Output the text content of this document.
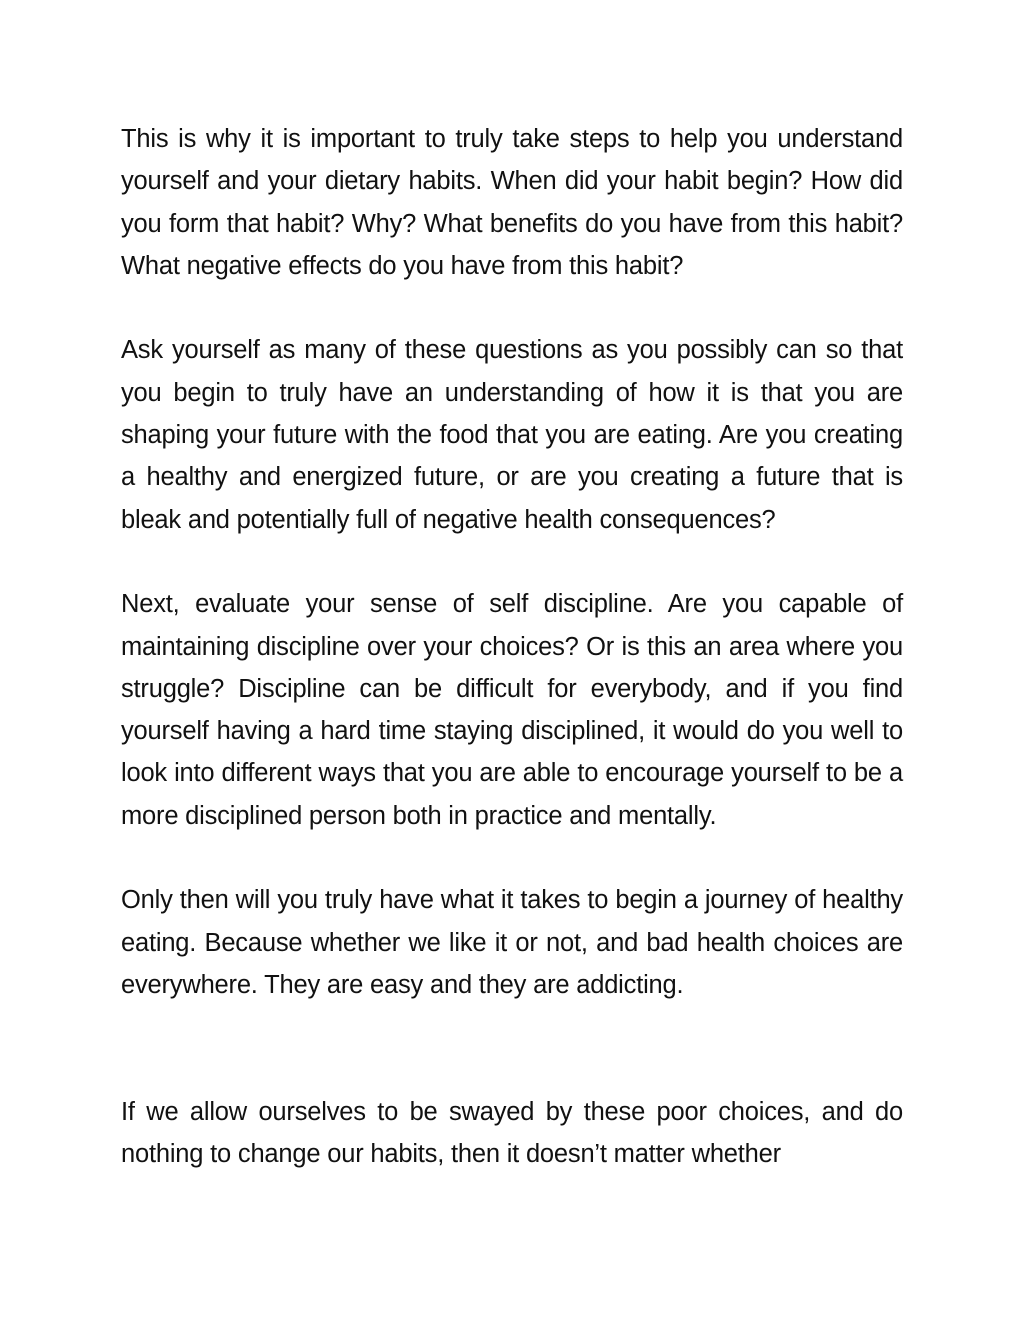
This is why it is important to truly take steps to help you understand yourself and your dietary habits. When did your habit begin? How did you form that habit? Why? What benefits do you have from this habit? What negative effects do you have from this habit?

Ask yourself as many of these questions as you possibly can so that you begin to truly have an understanding of how it is that you are shaping your future with the food that you are eating. Are you creating a healthy and energized future, or are you creating a future that is bleak and potentially full of negative health consequences?

Next, evaluate your sense of self discipline. Are you capable of maintaining discipline over your choices? Or is this an area where you struggle? Discipline can be difficult for everybody, and if you find yourself having a hard time staying disciplined, it would do you well to look into different ways that you are able to encourage yourself to be a more disciplined person both in practice and mentally.

Only then will you truly have what it takes to begin a journey of healthy eating. Because whether we like it or not, and bad health choices are everywhere. They are easy and they are addicting.

If we allow ourselves to be swayed by these poor choices, and do nothing to change our habits, then it doesn’t matter whether
